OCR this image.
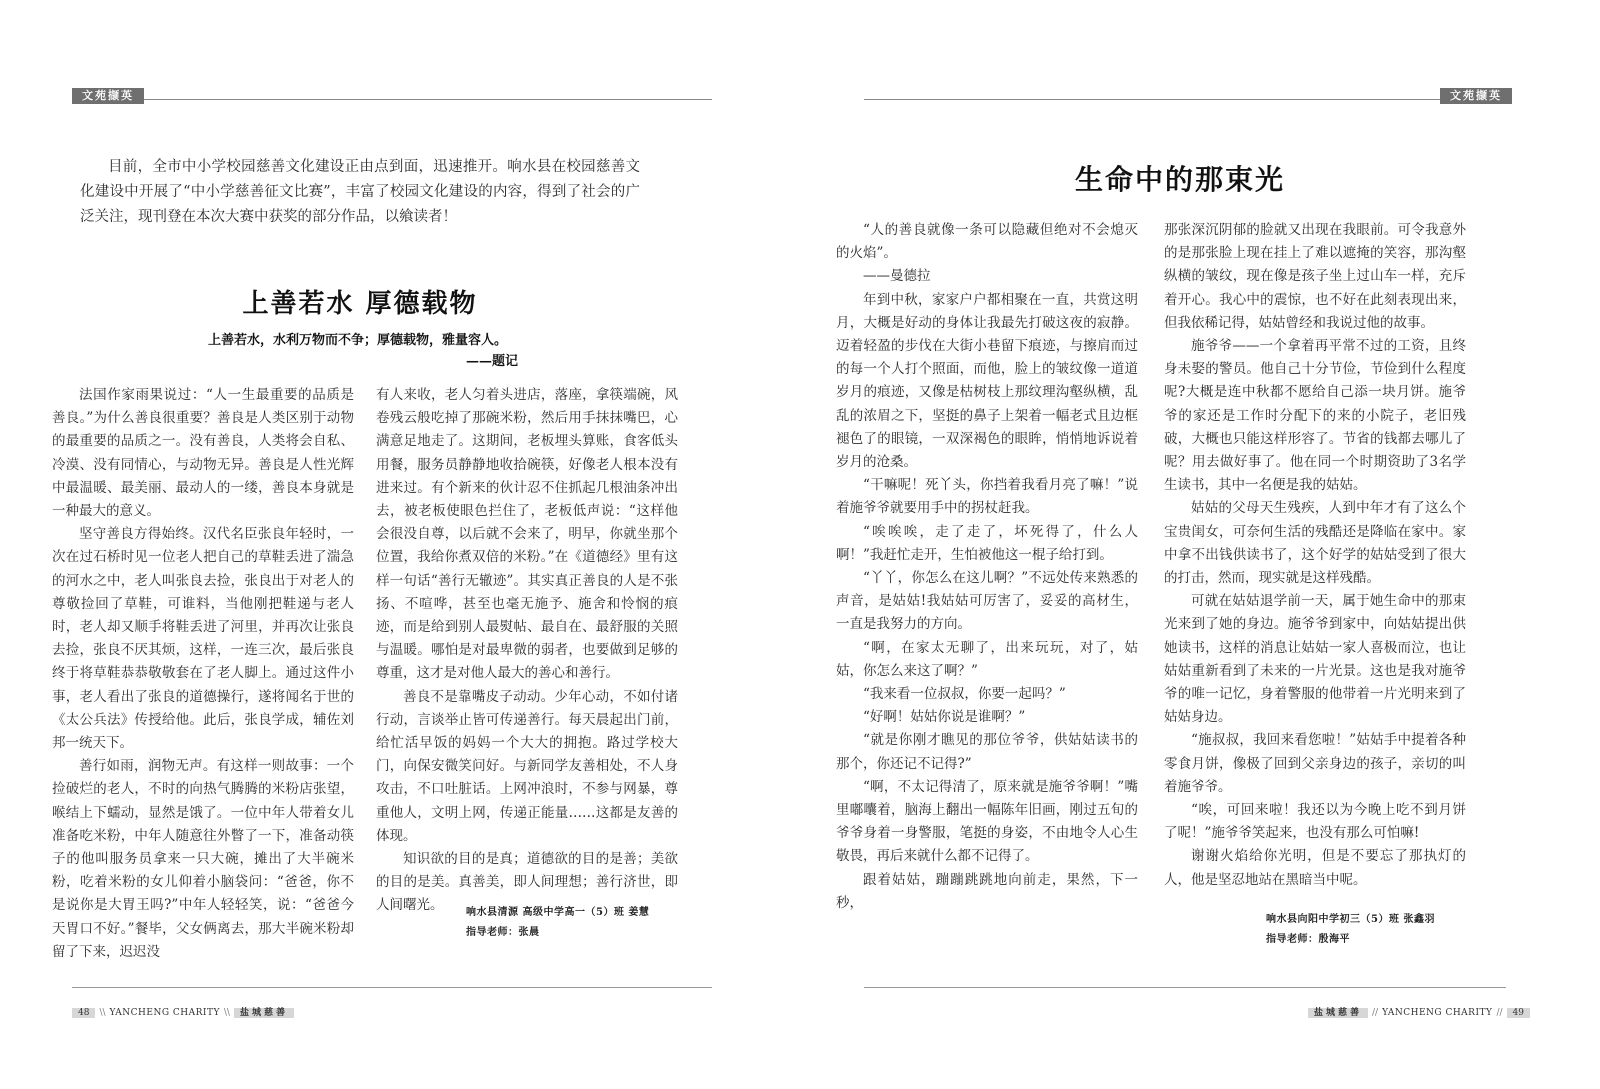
文苑撷英
目前，全市中小学校园慈善文化建设正由点到面，迅速推开。响水县在校园慈善文化建设中开展了“中小学慈善征文比赛”，丰富了校园文化建设的内容，得到了社会的广泛关注，现刊登在本次大赛中获奖的部分作品，以飨读者！
上善若水 厚德载物
上善若水，水利万物而不争；厚德载物，雅量容人。
——题记

法国作家雨果说过：“人一生最重要的品质是善良。”为什么善良很重要？善良是人类区别于动物的最重要的品质之一。没有善良，人类将会自私、冷漠、没有同情心，与动物无异。善良是人性光辉中最温暖、最美丽、最动人的一缕，善良本身就是一种最大的意义。

坚守善良方得始终。汉代名臣张良年轻时，一次在过石桥时见一位老人把自己的草鞋丢进了湍急的河水之中，老人叫张良去捡，张良出于对老人的尊敬捡回了草鞋，可谁料，当他刚把鞋递与老人时，老人却又顺手将鞋丢进了河里，并再次让张良去捡，张良不厌其烦，这样，一连三次，最后张良终于将草鞋恭恭敬敬套在了老人脚上。通过这件小事，老人看出了张良的道德操行，遂将闻名于世的《太公兵法》传授给他。此后，张良学成，辅佐刘邦一统天下。

善行如雨，润物无声。有这样一则故事：一个捡破烂的老人，不时的向热气腾腾的米粉店张望，喉结上下蠕动，显然是饿了。一位中年人带着女儿准备吃米粉，中年人随意往外瞥了一下，准备动筷子的他叫服务员拿来一只大碗，摊出了大半碗米粉，吃着米粉的女儿仰着小脑袋问：“爸爸，你不是说你是大胃王吗?”中年人轻轻笑，说：“爸爸今天胃口不好。”餐毕，父女俩离去，那大半碗米粉却留了下来，迟迟没

有人来收，老人匀着头进店，落座，拿筷端碗，风卷残云般吃掉了那碗米粉，然后用手抹抹嘴巴，心满意足地走了。这期间，老板埋头算账，食客低头用餐，服务员静静地收拾碗筷，好像老人根本没有进来过。有个新来的伙计忍不住抓起几根油条冲出去，被老板使眼色拦住了，老板低声说：“这样他会很没自尊，以后就不会来了，明早，你就坐那个位置，我给你煮双倍的米粉。”在《道德经》里有这样一句话“善行无辙迹”。其实真正善良的人是不张扬、不喧哗，甚至也毫无施予、施舍和怜悯的痕迹，而是给到别人最熨帖、最自在、最舒服的关照与温暖。哪怕是对最卑微的弱者，也要做到足够的尊重，这才是对他人最大的善心和善行。

善良不是靠嘴皮子动动。少年心动，不如付诸行动，言谈举止皆可传递善行。每天晨起出门前，给忙活早饭的妈妈一个大大的拥抱。路过学校大门，向保安微笑问好。与新同学友善相处，不人身攻击，不口吐脏话。上网冲浪时，不参与网暴，尊重他人，文明上网，传递正能量……这都是友善的体现。

知识欲的目的是真；道德欲的目的是善；美欲的目的是美。真善美，即人间理想；善行济世，即人间曙光。	响水县清源 高级中学高一（5）班 姜慧
指导老师：张晨
48 \\ YANCHENG CHARITY \\ 盐城慈善
文苑撷英
生命中的那束光

“人的善良就像一条可以隐藏但绝对不会熄灭的火焰”。

——曼德拉

年到中秋，家家户户都相聚在一直，共赏这明月，大概是好动的身体让我最先打破这夜的寂静。迈着轻盈的步伐在大街小巷留下痕迹，与擦肩而过的每一个人打个照面，而他，脸上的皱纹像一道道岁月的痕迹，又像是枯树枝上那纹理沟壑纵横，乱乱的浓眉之下，坚挺的鼻子上架着一幅老式且边框褪色了的眼镜，一双深褐色的眼眸，悄悄地诉说着岁月的沧桑。

“干嘛呢！死丫头，你挡着我看月亮了嘛！”说着施爷爷就要用手中的拐杖赶我。

“唉唉唉，走了走了，坏死得了，什么人啊！”我赶忙走开，生怕被他这一棍子给打到。

“丫丫，你怎么在这儿啊？”不远处传来熟悉的声音，是姑姑!我姑姑可厉害了，妥妥的高材生，一直是我努力的方向。

“啊，在家太无聊了，出来玩玩，对了，姑姑，你怎么来这了啊？”

“我来看一位叔叔，你要一起吗？”

“好啊！姑姑你说是谁啊？”

“就是你刚才瞧见的那位爷爷，供姑姑读书的那个，你还记不记得?”

“啊，不太记得清了，原来就是施爷爷啊！”嘴里嘟囔着，脑海上翻出一幅陈年旧画，刚过五旬的爷爷身着一身警服，笔挺的身姿，不由地令人心生敬畏，再后来就什么都不记得了。

跟着姑姑，蹦蹦跳跳地向前走，果然，下一秒，

那张深沉阴郁的脸就又出现在我眼前。可令我意外的是那张脸上现在挂上了难以遮掩的笑容，那沟壑纵横的皱纹，现在像是孩子坐上过山车一样，充斥着开心。我心中的震惊，也不好在此刻表现出来，但我依稀记得，姑姑曾经和我说过他的故事。

施爷爷——一个拿着再平常不过的工资，且终身未娶的警员。他自己十分节俭，节俭到什么程度呢?大概是连中秋都不愿给自己添一块月饼。施爷爷的家还是工作时分配下的来的小院子，老旧残破，大概也只能这样形容了。节省的钱都去哪儿了呢？用去做好事了。他在同一个时期资助了3名学生读书，其中一名便是我的姑姑。

姑姑的父母天生残疾，人到中年才有了这么个宝贵闺女，可奈何生活的残酷还是降临在家中。家中拿不出钱供读书了，这个好学的姑姑受到了很大的打击，然而，现实就是这样残酷。

可就在姑姑退学前一天，属于她生命中的那束光来到了她的身边。施爷爷到家中，向姑姑提出供她读书，这样的消息让姑姑一家人喜极而泣，也让姑姑重新看到了未来的一片光景。这也是我对施爷爷的唯一记忆，身着警服的他带着一片光明来到了姑姑身边。

“施叔叔，我回来看您啦！”姑姑手中提着各种零食月饼，像极了回到父亲身边的孩子，亲切的叫着施爷爷。

“唉，可回来啦！我还以为今晚上吃不到月饼了呢！”施爷爷笑起来，也没有那么可怕嘛!

谢谢火焰给你光明，但是不要忘了那执灯的人，他是坚忍地站在黑暗当中呢。

响水县向阳中学初三（5）班 张鑫羽
指导老师：殷海平
盐城慈善 // YANCHENG CHARITY // 49
